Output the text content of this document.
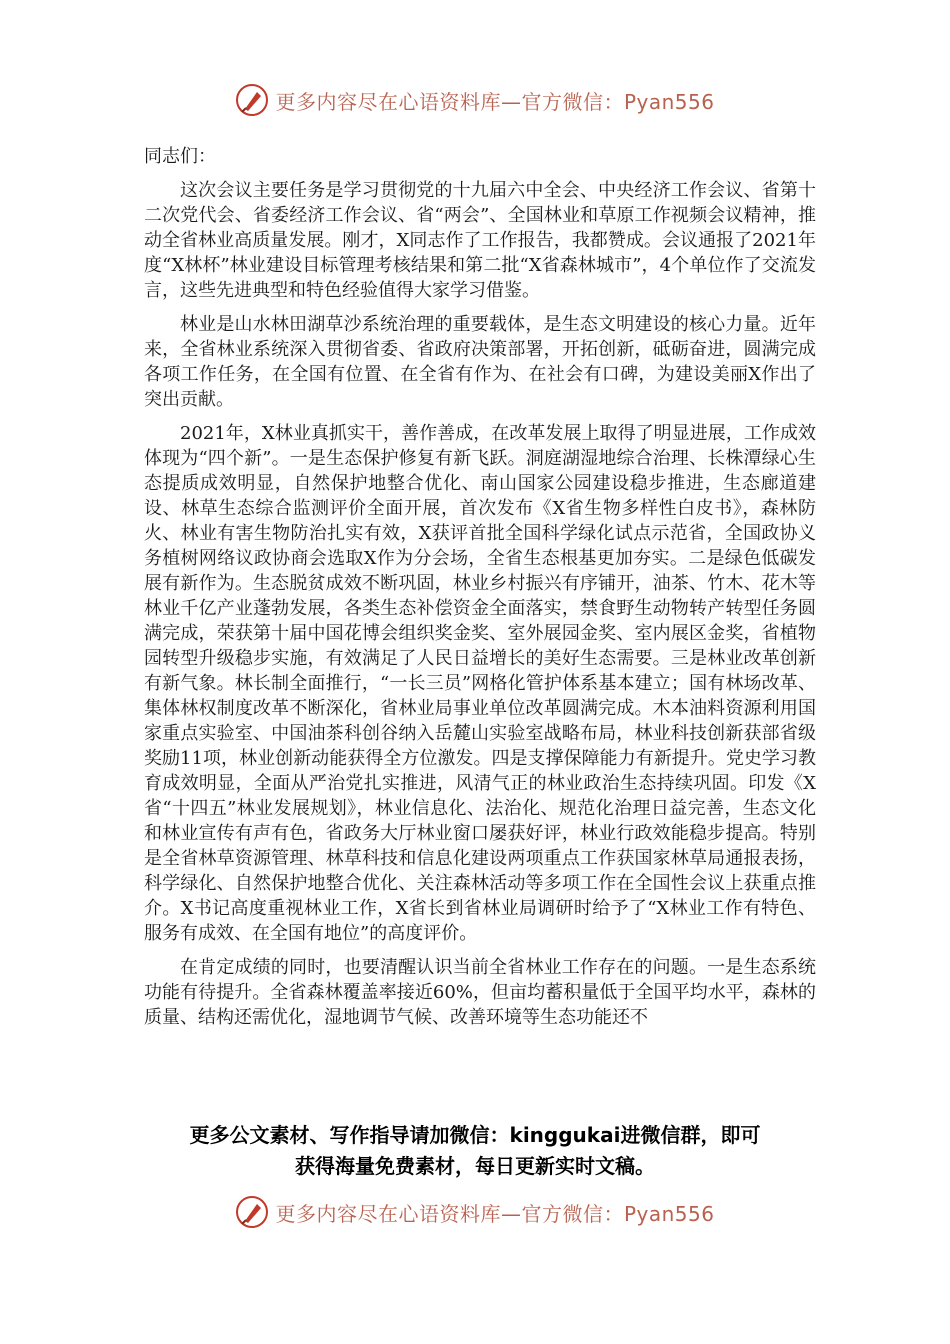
更多内容尽在心语资料库—官方微信：Pyan556

同志们：

这次会议主要任务是学习贯彻党的十九届六中全会、中央经济工作会议、省第十二次党代会、省委经济工作会议、省“两会”、全国林业和草原工作视频会议精神，推动全省林业高质量发展。刚才，X同志作了工作报告，我都赞成。会议通报了2021年度“X林杯”林业建设目标管理考核结果和第二批“X省森林城市”，4个单位作了交流发言，这些先进典型和特色经验值得大家学习借鉴。

林业是山水林田湖草沙系统治理的重要载体，是生态文明建设的核心力量。近年来，全省林业系统深入贯彻省委、省政府决策部署，开拓创新，砥砺奋进，圆满完成各项工作任务，在全国有位置、在全省有作为、在社会有口碑，为建设美丽X作出了突出贡献。

2021年，X林业真抓实干，善作善成，在改革发展上取得了明显进展，工作成效体现为“四个新”。一是生态保护修复有新飞跃。洞庭湖湿地综合治理、长株潭绿心生态提质成效明显，自然保护地整合优化、南山国家公园建设稳步推进，生态廊道建设、林草生态综合监测评价全面开展，首次发布《X省生物多样性白皮书》，森林防火、林业有害生物防治扎实有效，X获评首批全国科学绿化试点示范省，全国政协义务植树网络议政协商会选取X作为分会场，全省生态根基更加夯实。二是绿色低碳发展有新作为。生态脱贫成效不断巩固，林业乡村振兴有序铺开，油茶、竹木、花木等林业千亿产业蓬勃发展，各类生态补偿资金全面落实，禁食野生动物转产转型任务圆满完成，荣获第十届中国花博会组织奖金奖、室外展园金奖、室内展区金奖，省植物园转型升级稳步实施，有效满足了人民日益增长的美好生态需要。三是林业改革创新有新气象。林长制全面推行，“一长三员”网格化管护体系基本建立；国有林场改革、集体林权制度改革不断深化，省林业局事业单位改革圆满完成。木本油料资源利用国家重点实验室、中国油茶科创谷纳入岳麓山实验室战略布局，林业科技创新获部省级奖励11项，林业创新动能获得全方位激发。四是支撑保障能力有新提升。党史学习教育成效明显，全面从严治党扎实推进，风清气正的林业政治生态持续巩固。印发《X省“十四五”林业发展规划》，林业信息化、法治化、规范化治理日益完善，生态文化和林业宣传有声有色，省政务大厅林业窗口屡获好评，林业行政效能稳步提高。特别是全省林草资源管理、林草科技和信息化建设两项重点工作获国家林草局通报表扬，科学绿化、自然保护地整合优化、关注森林活动等多项工作在全国性会议上获重点推介。X书记高度重视林业工作，X省长到省林业局调研时给予了“X林业工作有特色、服务有成效、在全国有地位”的高度评价。

在肯定成绩的同时，也要清醒认识当前全省林业工作存在的问题。一是生态系统功能有待提升。全省森林覆盖率接近60%，但亩均蓄积量低于全国平均水平，森林的质量、结构还需优化，湿地调节气候、改善环境等生态功能还不

更多公文素材、写作指导请加微信：kinggukai进微信群，即可
获得海量免费素材，每日更新实时文稿。
更多内容尽在心语资料库—官方微信：Pyan556
